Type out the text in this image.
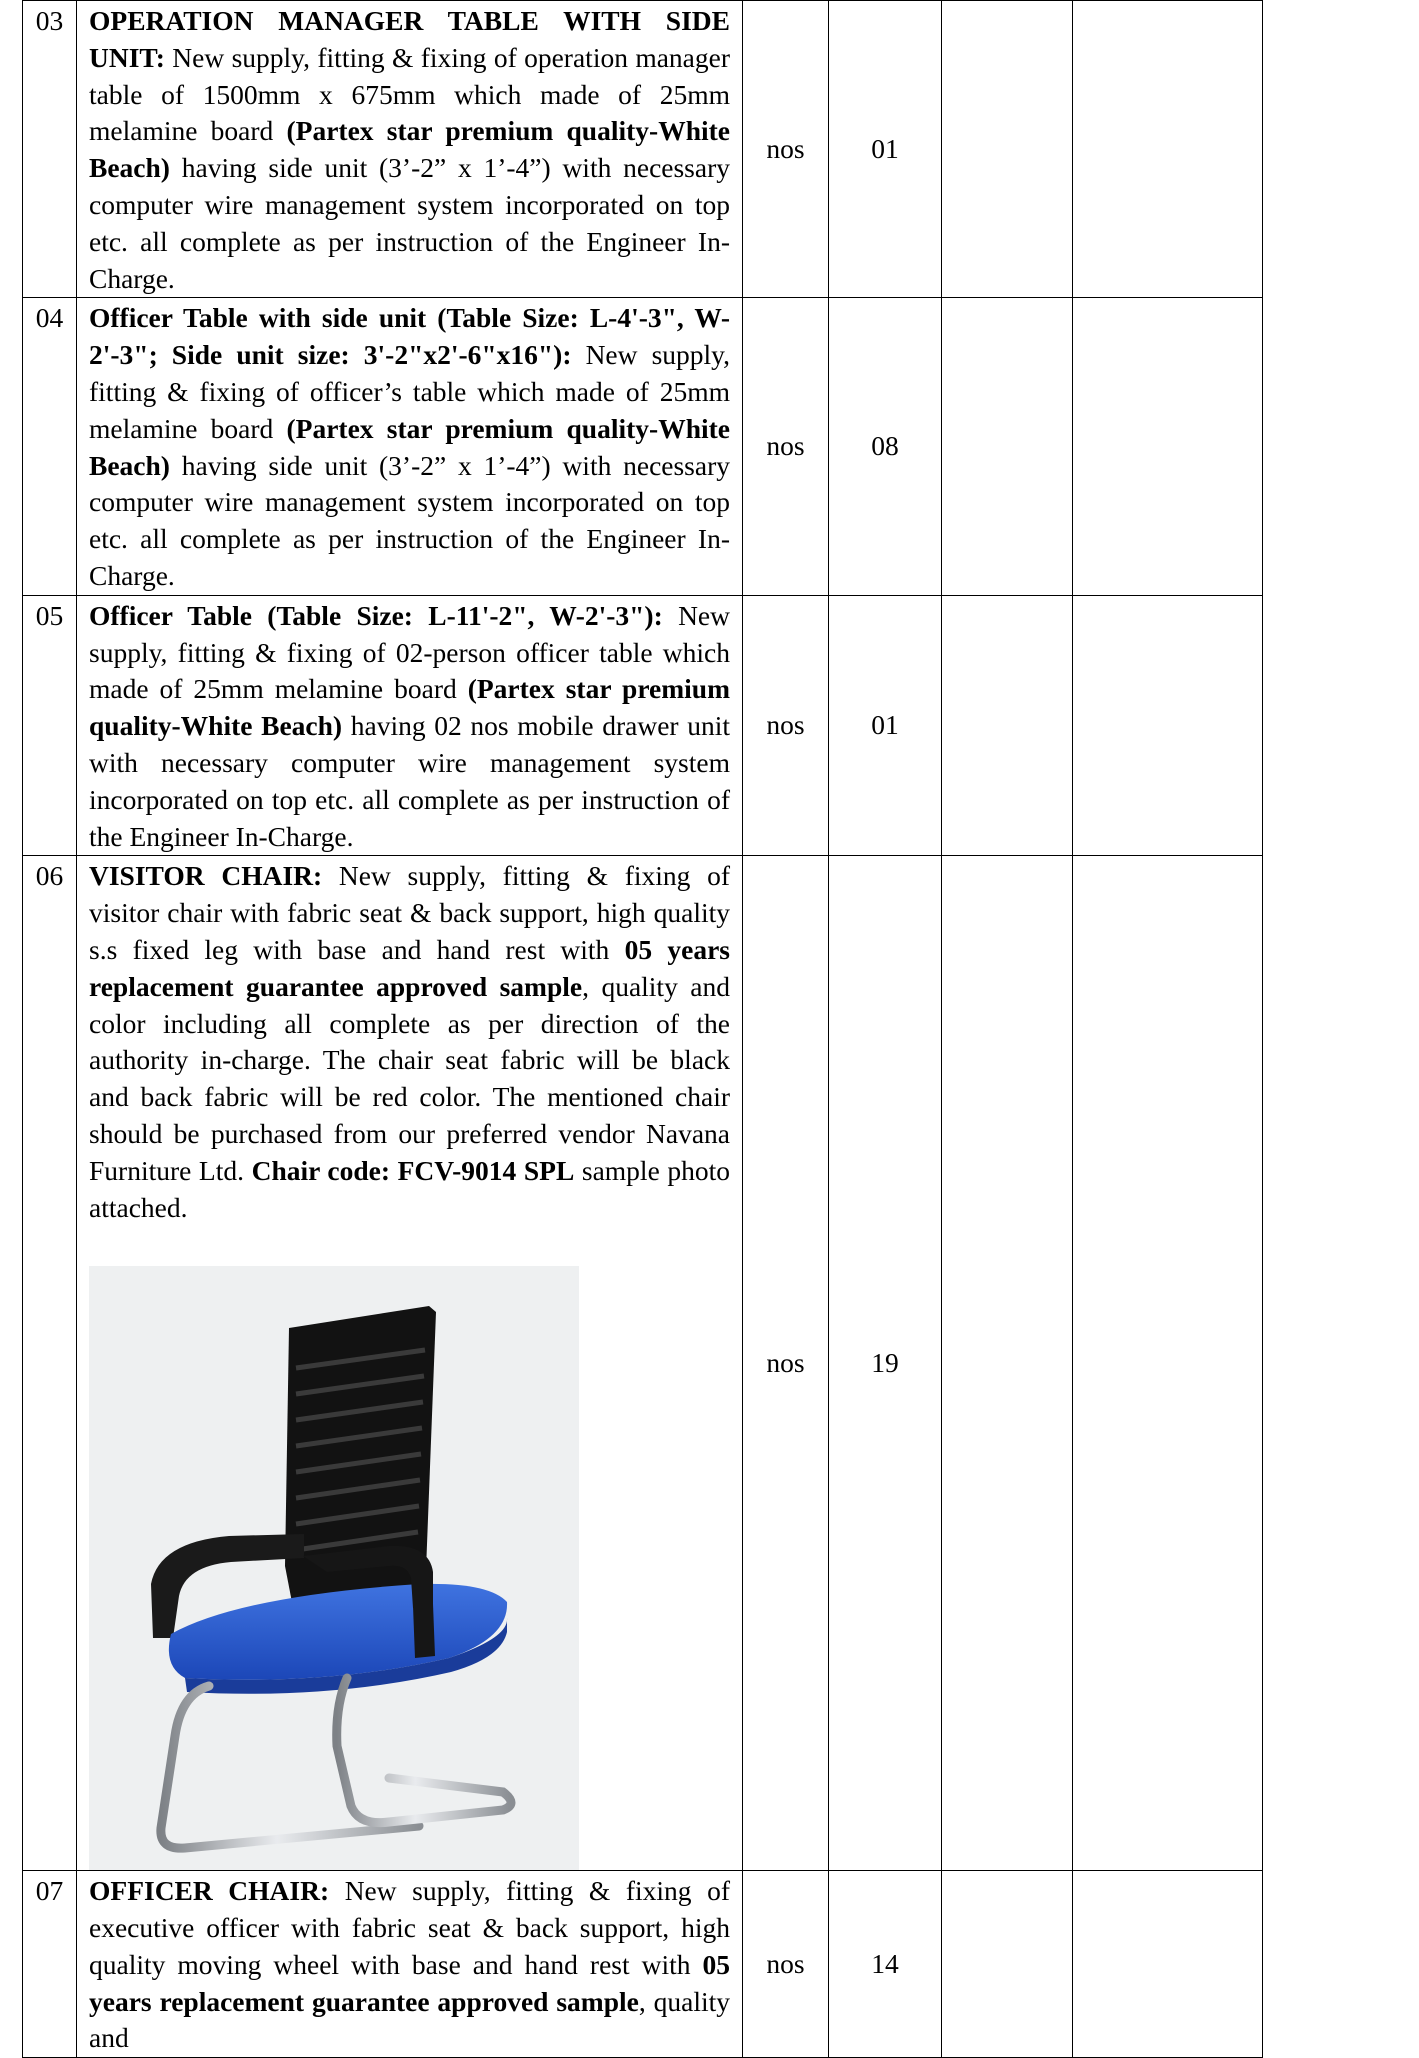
03	OPERATION MANAGER TABLE WITH SIDE UNIT: New supply, fitting & fixing of operation manager table of 1500mm x 675mm which made of 25mm melamine board (Partex star premium quality-White Beach) having side unit (3’-2” x 1’-4”) with necessary computer wire management system incorporated on top etc. all complete as per instruction of the Engineer In-Charge.	nos	01		
04	Officer Table with side unit (Table Size: L-4'-3", W-2'-3"; Side unit size: 3'-2"x2'-6"x16"): New supply, fitting & fixing of officer’s table which made of 25mm melamine board (Partex star premium quality-White Beach) having side unit (3’-2” x 1’-4”) with necessary computer wire management system incorporated on top etc. all complete as per instruction of the Engineer In-Charge.	nos	08		
05	Officer Table (Table Size: L-11'-2", W-2'-3"): New supply, fitting & fixing of 02-person officer table which made of 25mm melamine board (Partex star premium quality-White Beach) having 02 nos mobile drawer unit with necessary computer wire management system incorporated on top etc. all complete as per instruction of the Engineer In-Charge.	nos	01		
06	VISITOR CHAIR: New supply, fitting & fixing of visitor chair with fabric seat & back support, high quality s.s fixed leg with base and hand rest with 05 years replacement guarantee approved sample, quality and color including all complete as per direction of the authority in-charge. The chair seat fabric will be black and back fabric will be red color. The mentioned chair should be purchased from our preferred vendor Navana Furniture Ltd. Chair code: FCV-9014 SPL sample photo attached.	nos	19		
07	OFFICER CHAIR: New supply, fitting & fixing of executive officer with fabric seat & back support, high quality moving wheel with base and hand rest with 05 years replacement guarantee approved sample, quality and	nos	14		
